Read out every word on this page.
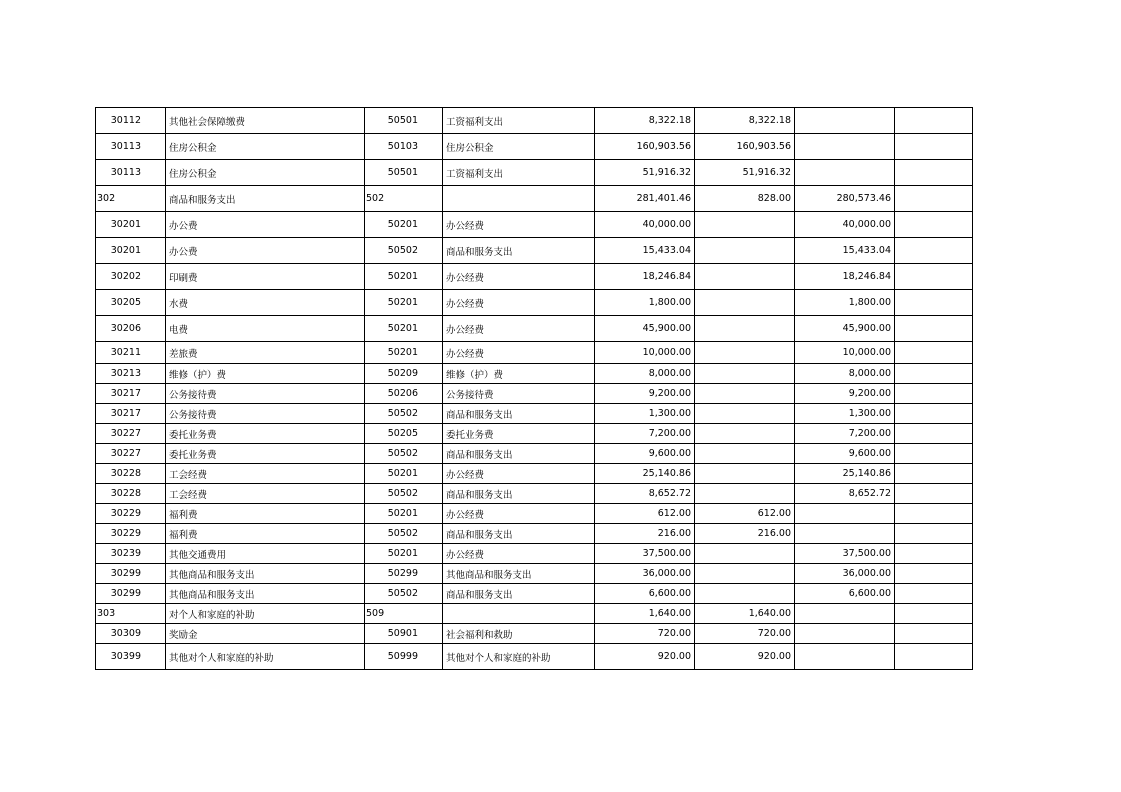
30112	其他社会保障缴费	50501	工资福利支出	8,322.18	8,322.18		
30113	住房公积金	50103	住房公积金	160,903.56	160,903.56		
30113	住房公积金	50501	工资福利支出	51,916.32	51,916.32		
302	商品和服务支出	502		281,401.46	828.00	280,573.46	
30201	办公费	50201	办公经费	40,000.00		40,000.00	
30201	办公费	50502	商品和服务支出	15,433.04		15,433.04	
30202	印刷费	50201	办公经费	18,246.84		18,246.84	
30205	水费	50201	办公经费	1,800.00		1,800.00	
30206	电费	50201	办公经费	45,900.00		45,900.00	
30211	差旅费	50201	办公经费	10,000.00		10,000.00	
30213	维修（护）费	50209	维修（护）费	8,000.00		8,000.00	
30217	公务接待费	50206	公务接待费	9,200.00		9,200.00	
30217	公务接待费	50502	商品和服务支出	1,300.00		1,300.00	
30227	委托业务费	50205	委托业务费	7,200.00		7,200.00	
30227	委托业务费	50502	商品和服务支出	9,600.00		9,600.00	
30228	工会经费	50201	办公经费	25,140.86		25,140.86	
30228	工会经费	50502	商品和服务支出	8,652.72		8,652.72	
30229	福利费	50201	办公经费	612.00	612.00		
30229	福利费	50502	商品和服务支出	216.00	216.00		
30239	其他交通费用	50201	办公经费	37,500.00		37,500.00	
30299	其他商品和服务支出	50299	其他商品和服务支出	36,000.00		36,000.00	
30299	其他商品和服务支出	50502	商品和服务支出	6,600.00		6,600.00	
303	对个人和家庭的补助	509		1,640.00	1,640.00		
30309	奖励金	50901	社会福利和救助	720.00	720.00		
30399	其他对个人和家庭的补助	50999	其他对个人和家庭的补助	920.00	920.00		
